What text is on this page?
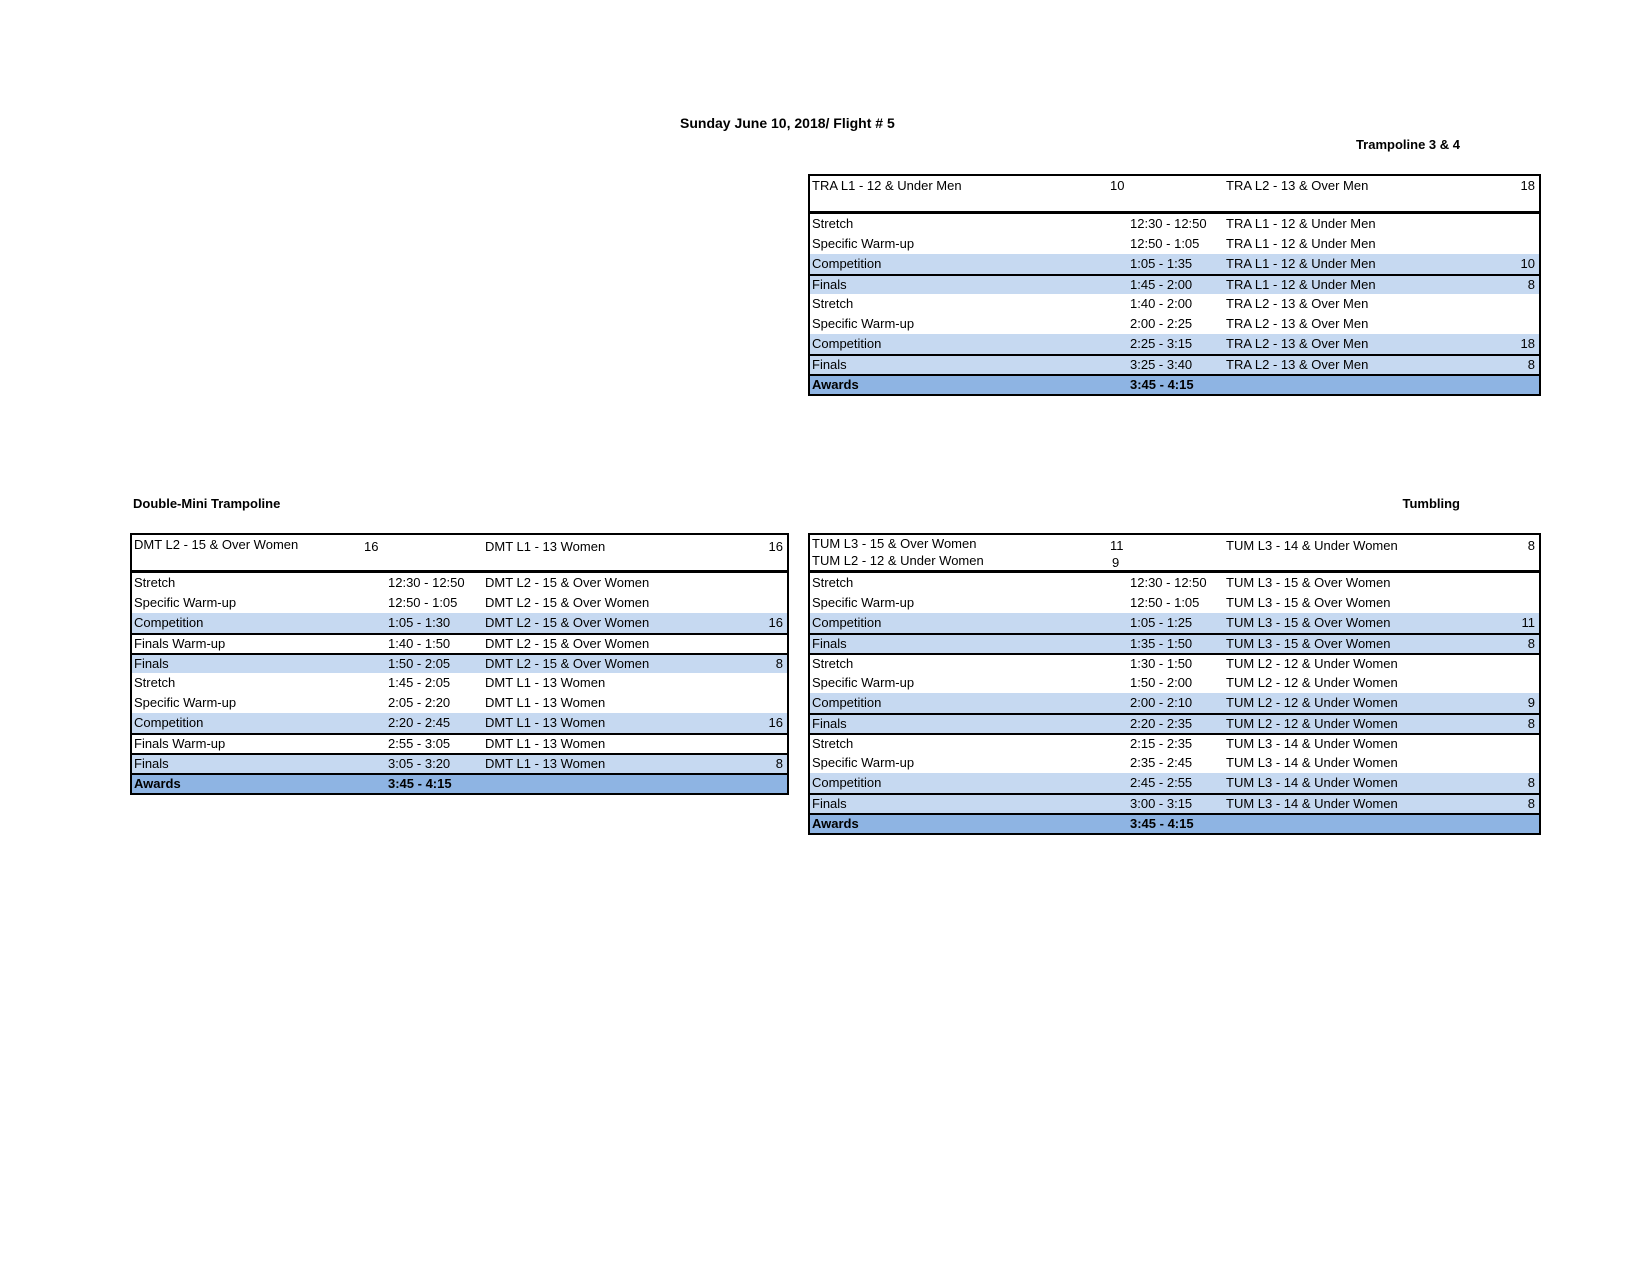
Sunday June 10, 2018/ Flight # 5
Trampoline 3 & 4
TRA L1 - 12 & Under Men	10	TRA L2 - 13 & Over Men	18
Stretch	12:30 - 12:50 TRA L1 - 12 & Under Men
Specific Warm-up	12:50 - 1:05 TRA L1 - 12 & Under Men
Competition	1:05 - 1:35	TRA L1 - 12 & Under Men	10
Finals	1:45 - 2:00	TRA L1 - 12 & Under Men	8
Stretch	1:40 - 2:00	TRA L2 - 13 & Over Men
Specific Warm-up	2:00 - 2:25	TRA L2 - 13 & Over Men
Competition	2:25 - 3:15	TRA L2 - 13 & Over Men	18
Finals	3:25 - 3:40	TRA L2 - 13 & Over Men	8
Awards	3:45 - 4:15
Double-Mini Trampoline
DMT L2 - 15 & Over Women	16	DMT L1 - 13 Women	16
Stretch	12:30 - 12:50 DMT L2 - 15 & Over Women
Specific Warm-up	12:50 - 1:05 DMT L2 - 15 & Over Women
Competition	1:05 - 1:30	DMT L2 - 15 & Over Women	16
Finals Warm-up	1:40 - 1:50	DMT L2 - 15 & Over Women
Finals	1:50 - 2:05	DMT L2 - 15 & Over Women	8
Stretch	1:45 - 2:05	DMT L1 - 13 Women
Specific Warm-up	2:05 - 2:20	DMT L1 - 13 Women
Competition	2:20 - 2:45	DMT L1 - 13 Women	16
Finals Warm-up	2:55 - 3:05	DMT L1 - 13 Women
Finals	3:05 - 3:20	DMT L1 - 13 Women	8
Awards	3:45 - 4:15
Tumbling
TUM L3 - 15 & Over Women	11
TUM L2 - 12 & Under Women	9
TUM L3 - 14 & Under Women	8
Stretch	12:30 - 12:50 TUM L3 - 15 & Over Women
Specific Warm-up	12:50 - 1:05 TUM L3 - 15 & Over Women
Competition	1:05 - 1:25	TUM L3 - 15 & Over Women	11
Finals	1:35 - 1:50	TUM L3 - 15 & Over Women	8
Stretch	1:30 - 1:50	TUM L2 - 12 & Under Women
Specific Warm-up	1:50 - 2:00	TUM L2 - 12 & Under Women
Competition	2:00 - 2:10	TUM L2 - 12 & Under Women	9
Finals	2:20 - 2:35	TUM L2 - 12 & Under Women	8
Stretch	2:15 - 2:35	TUM L3 - 14 & Under Women
Specific Warm-up	2:35 - 2:45	TUM L3 - 14 & Under Women
Competition	2:45 - 2:55	TUM L3 - 14 & Under Women	8
Finals	3:00 - 3:15	TUM L3 - 14 & Under Women	8
Awards	3:45 - 4:15
